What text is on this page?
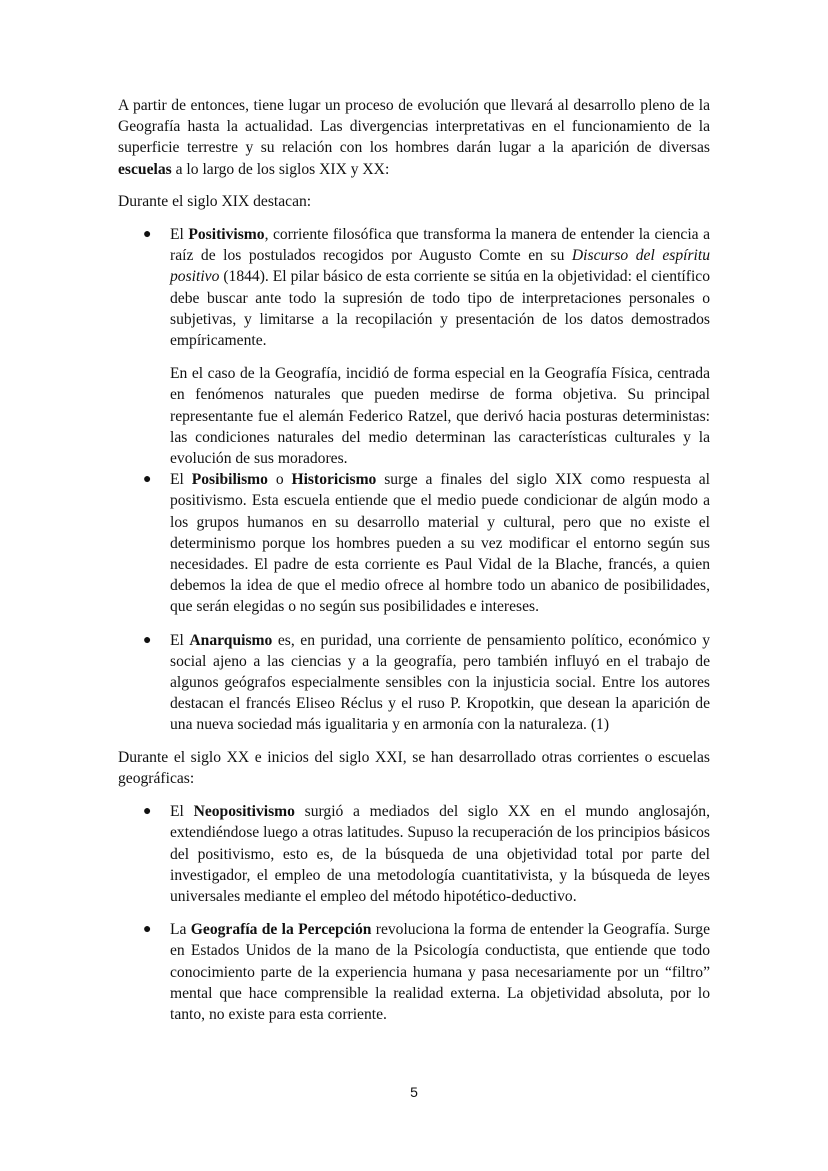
A partir de entonces, tiene lugar un proceso de evolución que llevará al desarrollo pleno de la Geografía hasta la actualidad. Las divergencias interpretativas en el funcionamiento de la superficie terrestre y su relación con los hombres darán lugar a la aparición de diversas escuelas a lo largo de los siglos XIX y XX:

Durante el siglo XIX destacan:

● El Positivismo, corriente filosófica que transforma la manera de entender la ciencia a raíz de los postulados recogidos por Augusto Comte en su Discurso del espíritu positivo (1844). El pilar básico de esta corriente se sitúa en la objetividad: el científico debe buscar ante todo la supresión de todo tipo de interpretaciones personales o subjetivas, y limitarse a la recopilación y presentación de los datos demostrados empíricamente.

En el caso de la Geografía, incidió de forma especial en la Geografía Física, centrada en fenómenos naturales que pueden medirse de forma objetiva. Su principal representante fue el alemán Federico Ratzel, que derivó hacia posturas deterministas: las condiciones naturales del medio determinan las características culturales y la evolución de sus moradores.

● El Posibilismo o Historicismo surge a finales del siglo XIX como respuesta al positivismo. Esta escuela entiende que el medio puede condicionar de algún modo a los grupos humanos en su desarrollo material y cultural, pero que no existe el determinismo porque los hombres pueden a su vez modificar el entorno según sus necesidades. El padre de esta corriente es Paul Vidal de la Blache, francés, a quien debemos la idea de que el medio ofrece al hombre todo un abanico de posibilidades, que serán elegidas o no según sus posibilidades e intereses.

● El Anarquismo es, en puridad, una corriente de pensamiento político, económico y social ajeno a las ciencias y a la geografía, pero también influyó en el trabajo de algunos geógrafos especialmente sensibles con la injusticia social. Entre los autores destacan el francés Eliseo Réclus y el ruso P. Kropotkin, que desean la aparición de una nueva sociedad más igualitaria y en armonía con la naturaleza. (1)

Durante el siglo XX e inicios del siglo XXI, se han desarrollado otras corrientes o escuelas geográficas:

● El Neopositivismo surgió a mediados del siglo XX en el mundo anglosajón, extendiéndose luego a otras latitudes. Supuso la recuperación de los principios básicos del positivismo, esto es, de la búsqueda de una objetividad total por parte del investigador, el empleo de una metodología cuantitativista, y la búsqueda de leyes universales mediante el empleo del método hipotético-deductivo.

● La Geografía de la Percepción revoluciona la forma de entender la Geografía. Surge en Estados Unidos de la mano de la Psicología conductista, que entiende que todo conocimiento parte de la experiencia humana y pasa necesariamente por un “filtro” mental que hace comprensible la realidad externa. La objetividad absoluta, por lo tanto, no existe para esta corriente.

5
